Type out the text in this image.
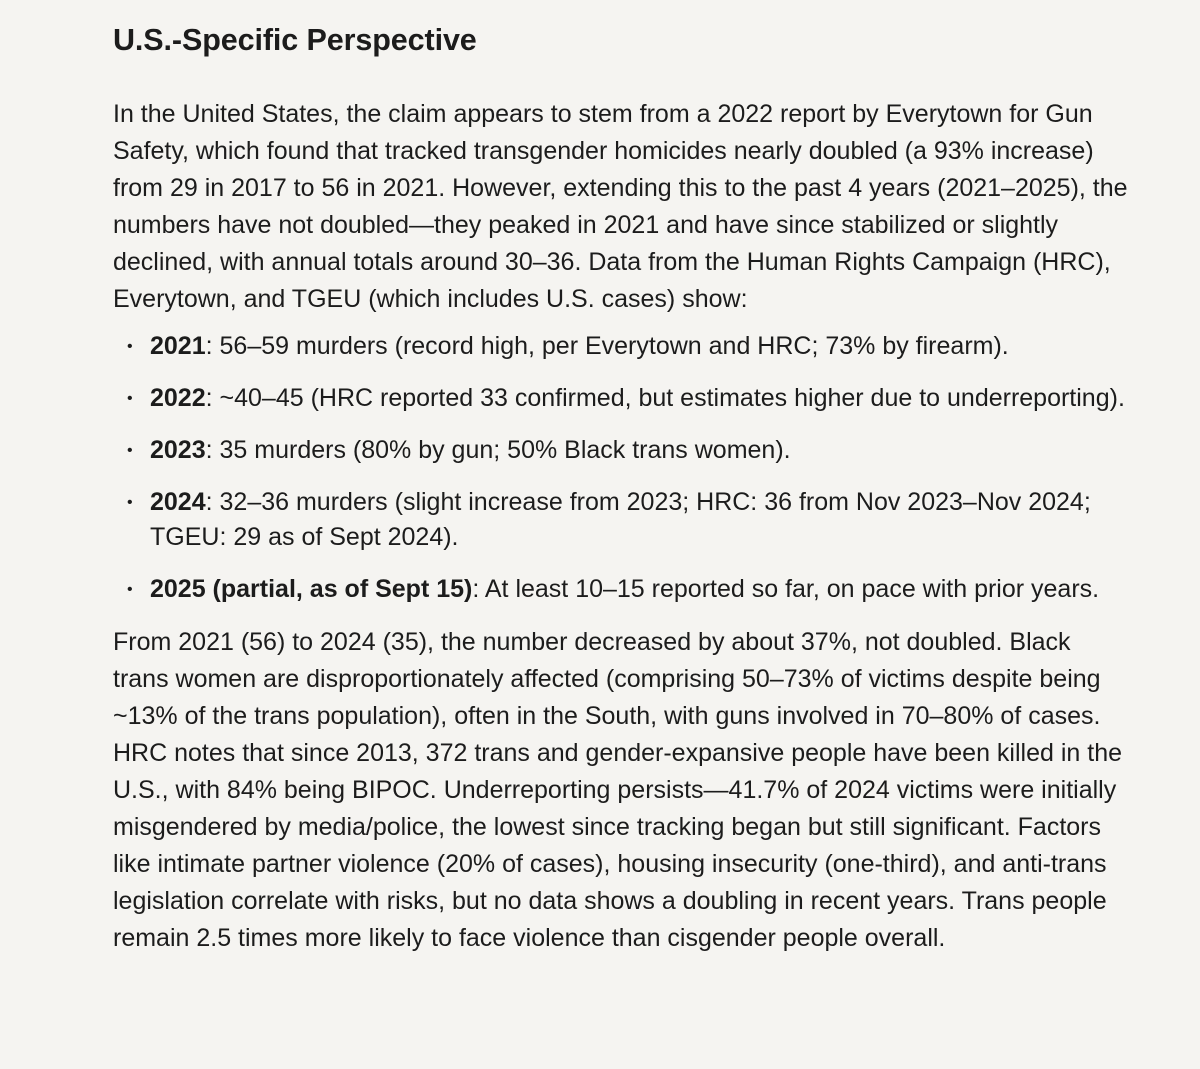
U.S.-Specific Perspective

In the United States, the claim appears to stem from a 2022 report by Everytown for Gun Safety, which found that tracked transgender homicides nearly doubled (a 93% increase) from 29 in 2017 to 56 in 2021. However, extending this to the past 4 years (2021–2025), the numbers have not doubled—they peaked in 2021 and have since stabilized or slightly declined, with annual totals around 30–36. Data from the Human Rights Campaign (HRC), Everytown, and TGEU (which includes U.S. cases) show:

• 2021: 56–59 murders (record high, per Everytown and HRC; 73% by firearm).
• 2022: ~40–45 (HRC reported 33 confirmed, but estimates higher due to underreporting).
• 2023: 35 murders (80% by gun; 50% Black trans women).
• 2024: 32–36 murders (slight increase from 2023; HRC: 36 from Nov 2023–Nov 2024; TGEU: 29 as of Sept 2024).
• 2025 (partial, as of Sept 15): At least 10–15 reported so far, on pace with prior years.

From 2021 (56) to 2024 (35), the number decreased by about 37%, not doubled. Black trans women are disproportionately affected (comprising 50–73% of victims despite being ~13% of the trans population), often in the South, with guns involved in 70–80% of cases. HRC notes that since 2013, 372 trans and gender-expansive people have been killed in the U.S., with 84% being BIPOC. Underreporting persists—41.7% of 2024 victims were initially misgendered by media/police, the lowest since tracking began but still significant. Factors like intimate partner violence (20% of cases), housing insecurity (one-third), and anti-trans legislation correlate with risks, but no data shows a doubling in recent years. Trans people remain 2.5 times more likely to face violence than cisgender people overall.
